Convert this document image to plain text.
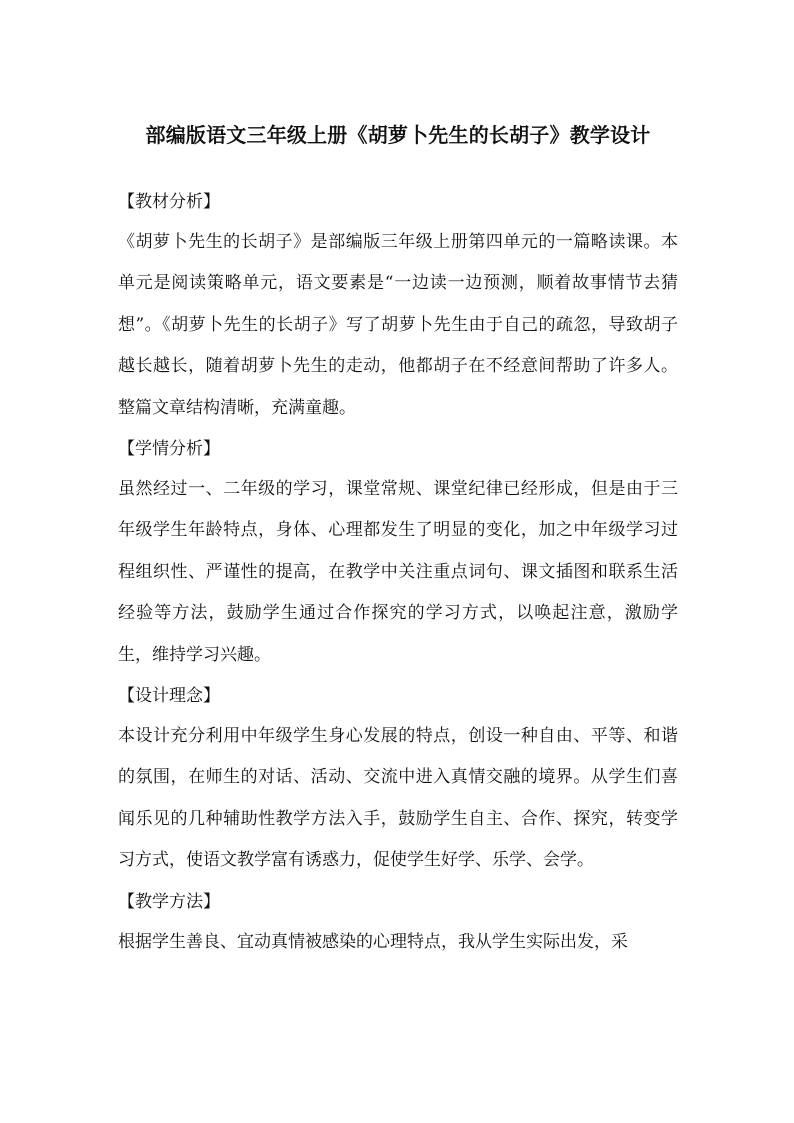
部编版语文三年级上册《胡萝卜先生的长胡子》教学设计
【教材分析】

《胡萝卜先生的长胡子》是部编版三年级上册第四单元的一篇略读课。本单元是阅读策略单元，语文要素是“一边读一边预测，顺着故事情节去猜想”。《胡萝卜先生的长胡子》写了胡萝卜先生由于自己的疏忽，导致胡子越长越长，随着胡萝卜先生的走动，他都胡子在不经意间帮助了许多人。整篇文章结构清晰，充满童趣。

【学情分析】

虽然经过一、二年级的学习，课堂常规、课堂纪律已经形成，但是由于三年级学生年龄特点，身体、心理都发生了明显的变化，加之中年级学习过程组织性、严谨性的提高，在教学中关注重点词句、课文插图和联系生活经验等方法，鼓励学生通过合作探究的学习方式，以唤起注意，激励学生，维持学习兴趣。

【设计理念】

本设计充分利用中年级学生身心发展的特点，创设一种自由、平等、和谐的氛围，在师生的对话、活动、交流中进入真情交融的境界。从学生们喜闻乐见的几种辅助性教学方法入手，鼓励学生自主、合作、探究，转变学习方式，使语文教学富有诱惑力，促使学生好学、乐学、会学。

【教学方法】

根据学生善良、宜动真情被感染的心理特点，我从学生实际出发，采
